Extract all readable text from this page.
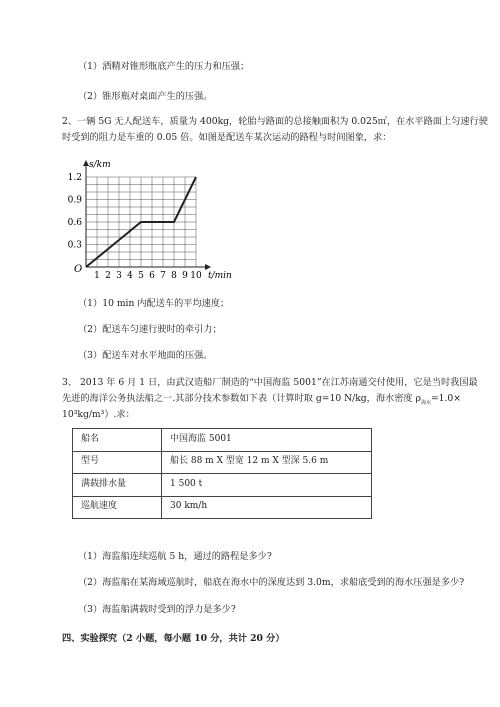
（1）酒精对锥形瓶底产生的压力和压强；
（2）锥形瓶对桌面产生的压强。
2、一辆 5G 无人配送车，质量为 400kg，轮胎与路面的总接触面积为 0.025㎡，在水平路面上匀速行驶
时受到的阻力是车重的 0.05 倍。如图是配送车某次运动的路程与时间图象，求：
1 2 3 4 5 6 7 8 9 10
0.3
0.6
0.9
1.2
s/km
t/min
O
（1）10 min 内配送车的平均速度；
（2）配送车匀速行驶时的牵引力；
（3）配送车对水平地面的压强。
3、 2013 年 6 月 1 日，由武汉造船厂制造的“中国海监 5001”在江苏南通交付使用，它是当时我国最
先进的海洋公务执法船之一.其部分技术参数如下表（计算时取 g=10 N/kg，海水密度 $\rho_{海水}=1.0\times$
10³kg/m³）.求：
船名	中国海监 5001
型号	船长 88 m X 型宽 12 m X 型深 5.6 m
满载排水量	1 500 t
巡航速度	30 km/h
（1）海监船连续巡航 5 h，通过的路程是多少?
（2）海监船在某海域巡航时，船底在海水中的深度达到 3.0m，求船底受到的海水压强是多少?
（3）海监船满载时受到的浮力是多少?
四、实验探究（2 小题，每小题 10 分，共计 20 分）
